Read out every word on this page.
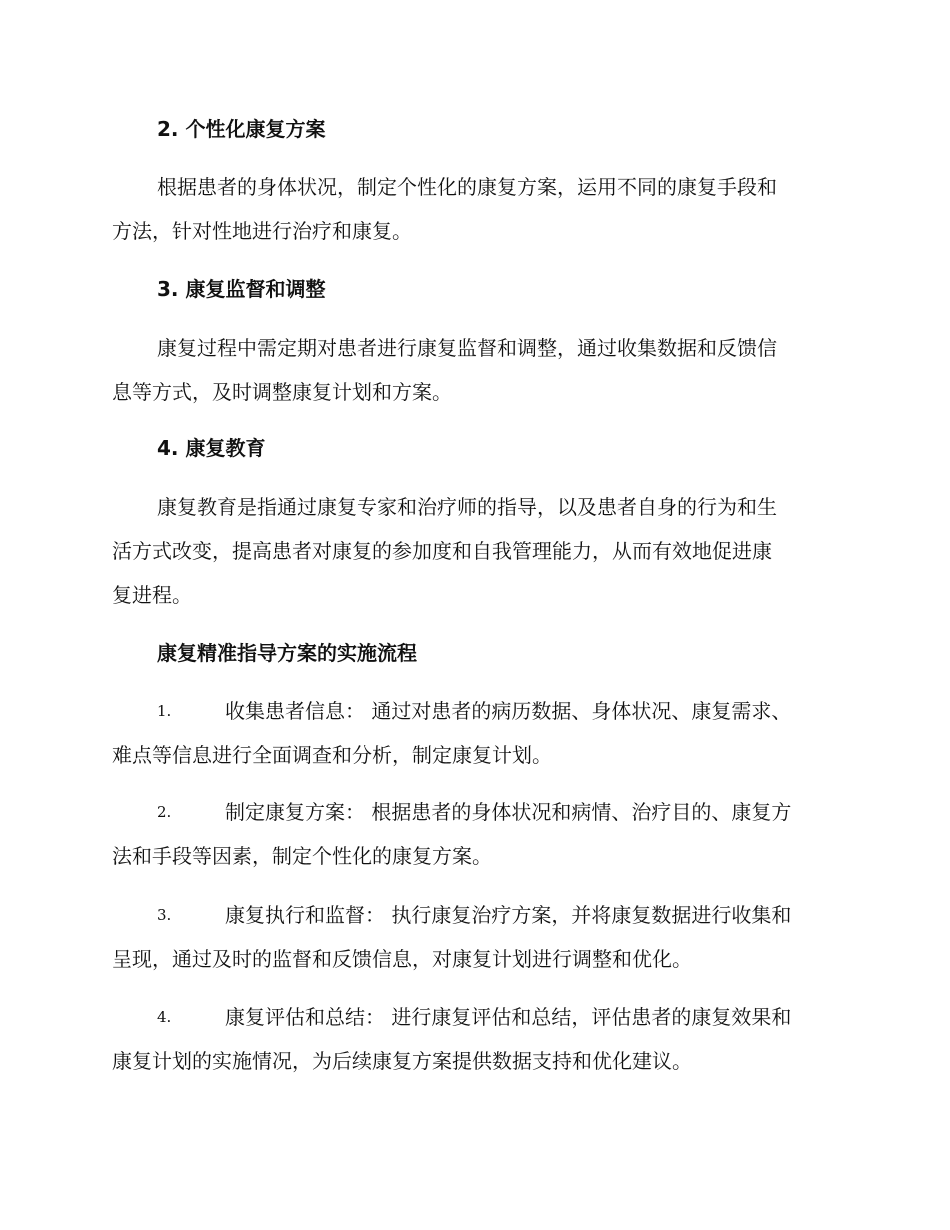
2. 个性化康复方案
根据患者的身体状况，制定个性化的康复方案，运用不同的康复手段和
方法，针对性地进行治疗和康复。
3. 康复监督和调整
康复过程中需定期对患者进行康复监督和调整，通过收集数据和反馈信
息等方式，及时调整康复计划和方案。
4. 康复教育
康复教育是指通过康复专家和治疗师的指导，以及患者自身的行为和生
活方式改变，提高患者对康复的参加度和自我管理能力，从而有效地促进康
复进程。
康复精准指导方案的实施流程
1.	收集患者信息： 通过对患者的病历数据、身体状况、康复需求、
难点等信息进行全面调查和分析，制定康复计划。
2.	制定康复方案： 根据患者的身体状况和病情、治疗目的、康复方
法和手段等因素，制定个性化的康复方案。
3.	康复执行和监督： 执行康复治疗方案，并将康复数据进行收集和
呈现，通过及时的监督和反馈信息，对康复计划进行调整和优化。
4.	康复评估和总结： 进行康复评估和总结，评估患者的康复效果和
康复计划的实施情况，为后续康复方案提供数据支持和优化建议。
